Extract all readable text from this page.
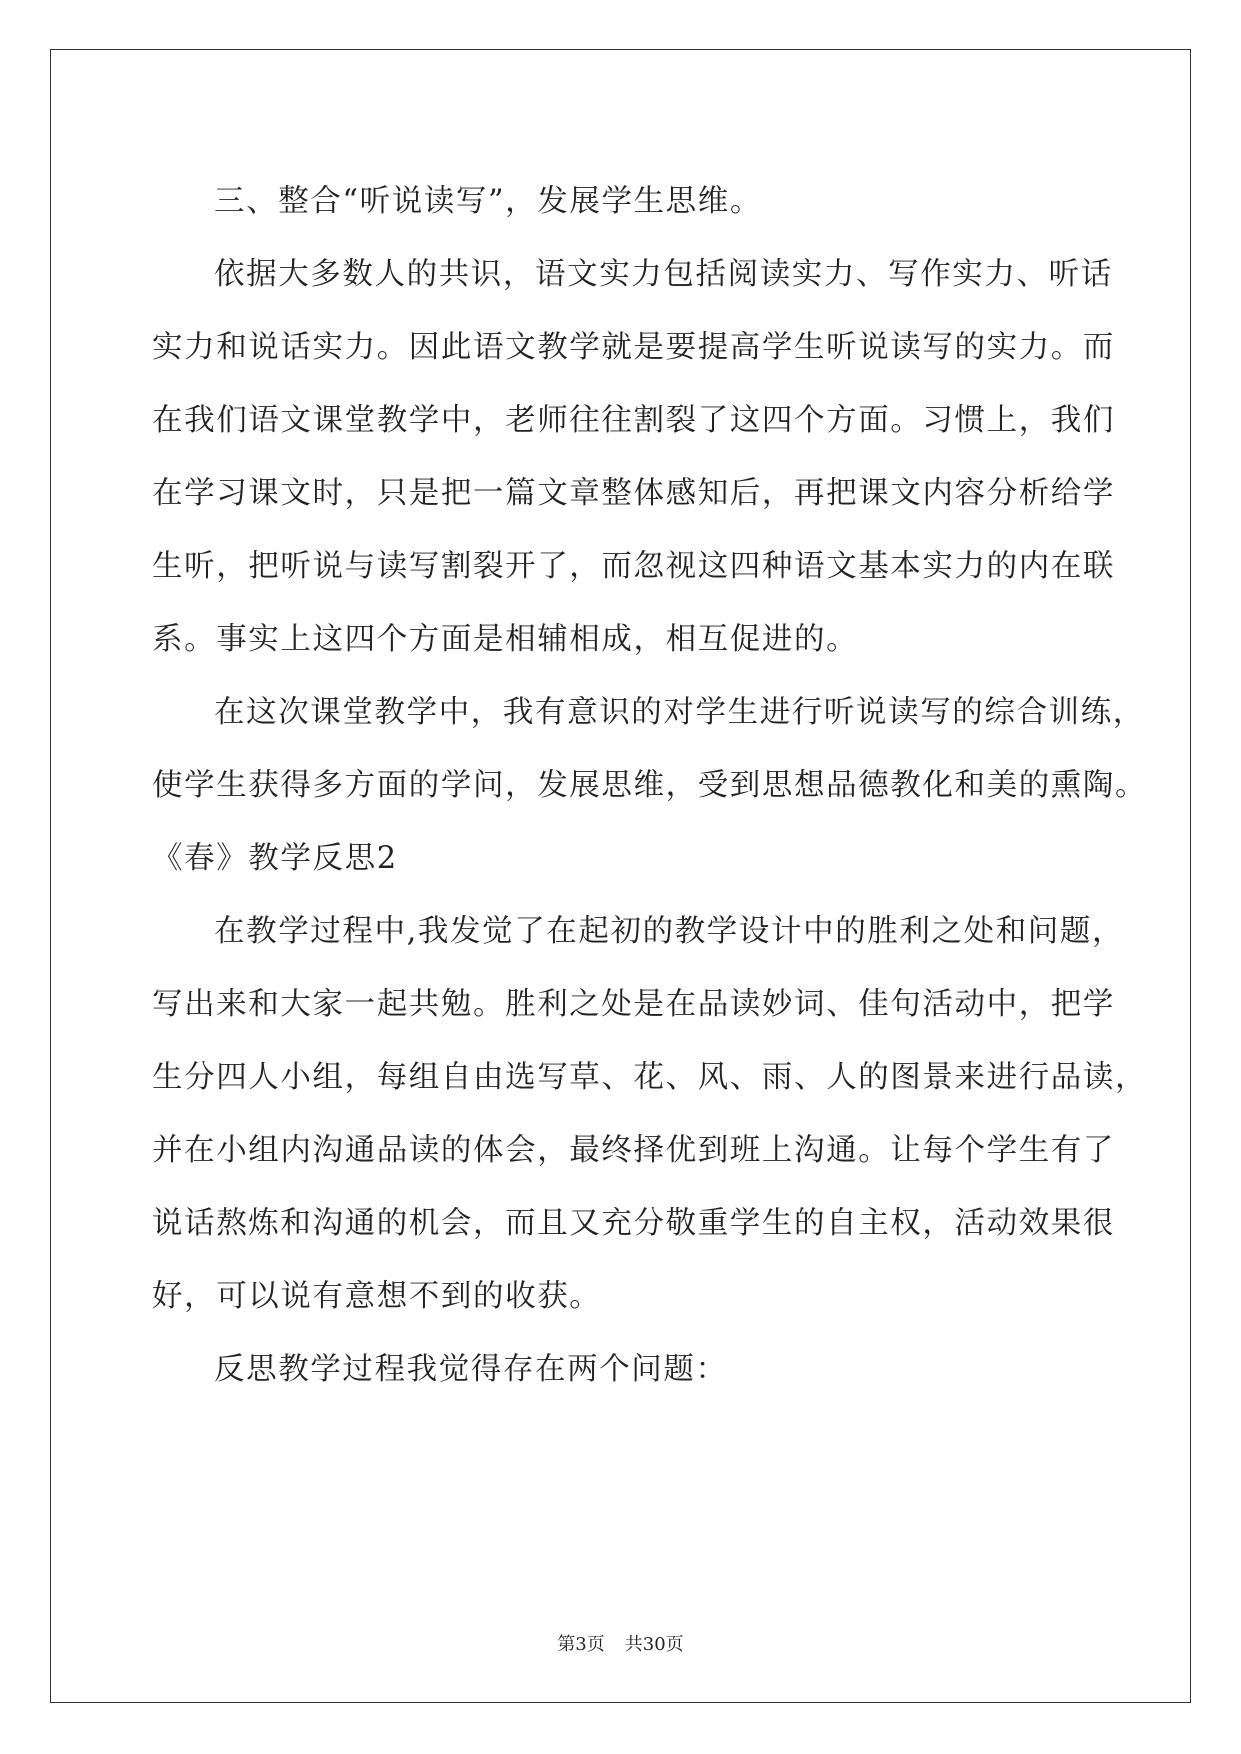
三、整合“听说读写”，发展学生思维。

依据大多数人的共识，语文实力包括阅读实力、写作实力、听话

实力和说话实力。因此语文教学就是要提高学生听说读写的实力。而

在我们语文课堂教学中，老师往往割裂了这四个方面。习惯上，我们

在学习课文时，只是把一篇文章整体感知后，再把课文内容分析给学

生听，把听说与读写割裂开了，而忽视这四种语文基本实力的内在联

系。事实上这四个方面是相辅相成，相互促进的。

在这次课堂教学中，我有意识的对学生进行听说读写的综合训练，

使学生获得多方面的学问，发展思维，受到思想品德教化和美的熏陶。

《春》教学反思2

在教学过程中,我发觉了在起初的教学设计中的胜利之处和问题，

写出来和大家一起共勉。胜利之处是在品读妙词、佳句活动中，把学

生分四人小组，每组自由选写草、花、风、雨、人的图景来进行品读，

并在小组内沟通品读的体会，最终择优到班上沟通。让每个学生有了

说话熬炼和沟通的机会，而且又充分敬重学生的自主权，活动效果很

好，可以说有意想不到的收获。

反思教学过程我觉得存在两个问题：

第3页 共30页
